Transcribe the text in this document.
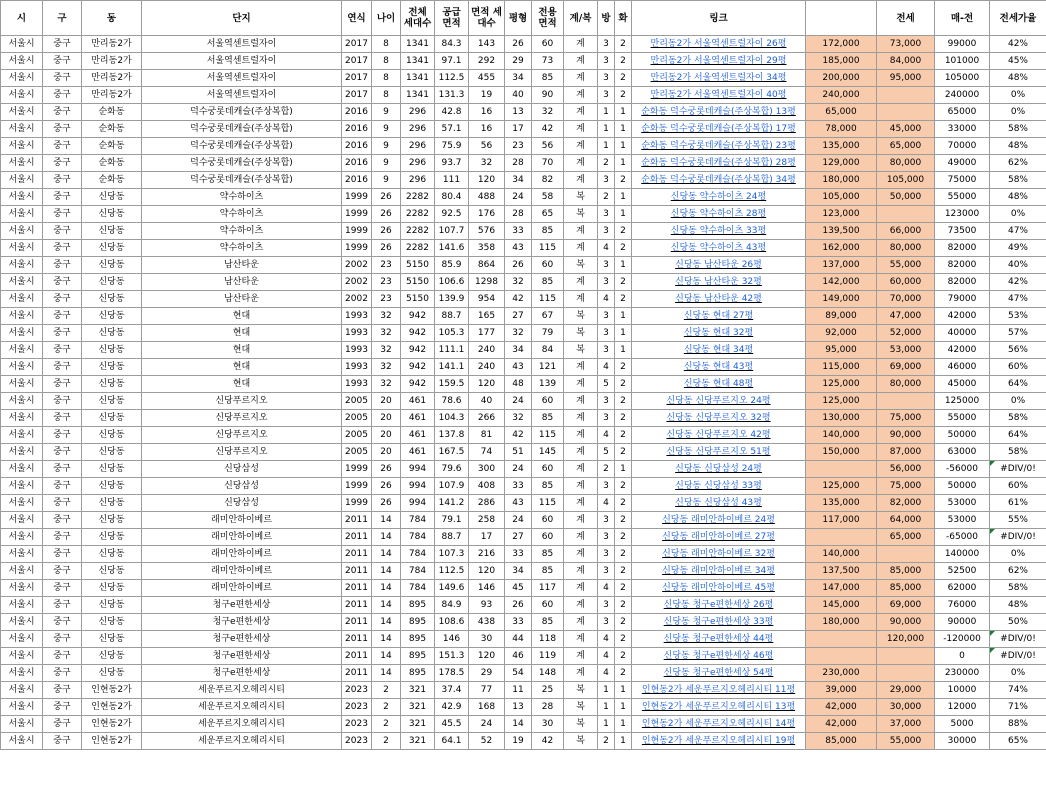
시	구	동	단지	연식	나이	전체 세대수	공급 면적	면적 세대수	평형	전용 면적	계/복	방	화	링크		전세	매-전	전세가율
서울시	중구	만리동2가	서울역센트럴자이	2017	8	1341	84.3	143	26	60	계	3	2	만리동2가 서울역센트럴자이 26평	172,000	73,000	99000	42%
서울시	중구	만리동2가	서울역센트럴자이	2017	8	1341	97.1	292	29	73	계	3	2	만리동2가 서울역센트럴자이 29평	185,000	84,000	101000	45%
서울시	중구	만리동2가	서울역센트럴자이	2017	8	1341	112.5	455	34	85	계	3	2	만리동2가 서울역센트럴자이 34평	200,000	95,000	105000	48%
서울시	중구	만리동2가	서울역센트럴자이	2017	8	1341	131.3	19	40	90	계	3	2	만리동2가 서울역센트럴자이 40평	240,000		240000	0%
서울시	중구	순화동	덕수궁롯데캐슬(주상복합)	2016	9	296	42.8	16	13	32	계	1	1	순화동 덕수궁롯데캐슬(주상복합) 13평	65,000		65000	0%
서울시	중구	순화동	덕수궁롯데캐슬(주상복합)	2016	9	296	57.1	16	17	42	계	1	1	순화동 덕수궁롯데캐슬(주상복합) 17평	78,000	45,000	33000	58%
서울시	중구	순화동	덕수궁롯데캐슬(주상복합)	2016	9	296	75.9	56	23	56	계	1	1	순화동 덕수궁롯데캐슬(주상복합) 23평	135,000	65,000	70000	48%
서울시	중구	순화동	덕수궁롯데캐슬(주상복합)	2016	9	296	93.7	32	28	70	계	2	1	순화동 덕수궁롯데캐슬(주상복합) 28평	129,000	80,000	49000	62%
서울시	중구	순화동	덕수궁롯데캐슬(주상복합)	2016	9	296	111	120	34	82	계	3	2	순화동 덕수궁롯데캐슬(주상복합) 34평	180,000	105,000	75000	58%
서울시	중구	신당동	약수하이츠	1999	26	2282	80.4	488	24	58	복	2	1	신당동 약수하이츠 24평	105,000	50,000	55000	48%
서울시	중구	신당동	약수하이츠	1999	26	2282	92.5	176	28	65	복	3	1	신당동 약수하이츠 28평	123,000		123000	0%
서울시	중구	신당동	약수하이츠	1999	26	2282	107.7	576	33	85	계	3	2	신당동 약수하이츠 33평	139,500	66,000	73500	47%
서울시	중구	신당동	약수하이츠	1999	26	2282	141.6	358	43	115	계	4	2	신당동 약수하이츠 43평	162,000	80,000	82000	49%
서울시	중구	신당동	남산타운	2002	23	5150	85.9	864	26	60	복	3	1	신당동 남산타운 26평	137,000	55,000	82000	40%
서울시	중구	신당동	남산타운	2002	23	5150	106.6	1298	32	85	계	3	2	신당동 남산타운 32평	142,000	60,000	82000	42%
서울시	중구	신당동	남산타운	2002	23	5150	139.9	954	42	115	계	4	2	신당동 남산타운 42평	149,000	70,000	79000	47%
서울시	중구	신당동	현대	1993	32	942	88.7	165	27	67	복	3	1	신당동 현대 27평	89,000	47,000	42000	53%
서울시	중구	신당동	현대	1993	32	942	105.3	177	32	79	복	3	1	신당동 현대 32평	92,000	52,000	40000	57%
서울시	중구	신당동	현대	1993	32	942	111.1	240	34	84	복	3	1	신당동 현대 34평	95,000	53,000	42000	56%
서울시	중구	신당동	현대	1993	32	942	141.1	240	43	121	계	4	2	신당동 현대 43평	115,000	69,000	46000	60%
서울시	중구	신당동	현대	1993	32	942	159.5	120	48	139	계	5	2	신당동 현대 48평	125,000	80,000	45000	64%
서울시	중구	신당동	신당푸르지오	2005	20	461	78.6	40	24	60	계	3	2	신당동 신당푸르지오 24평	125,000		125000	0%
서울시	중구	신당동	신당푸르지오	2005	20	461	104.3	266	32	85	계	3	2	신당동 신당푸르지오 32평	130,000	75,000	55000	58%
서울시	중구	신당동	신당푸르지오	2005	20	461	137.8	81	42	115	계	4	2	신당동 신당푸르지오 42평	140,000	90,000	50000	64%
서울시	중구	신당동	신당푸르지오	2005	20	461	167.5	74	51	145	계	5	2	신당동 신당푸르지오 51평	150,000	87,000	63000	58%
서울시	중구	신당동	신당삼성	1999	26	994	79.6	300	24	60	계	2	1	신당동 신당삼성 24평		56,000	-56000	#DIV/0!
서울시	중구	신당동	신당삼성	1999	26	994	107.9	408	33	85	계	3	2	신당동 신당삼성 33평	125,000	75,000	50000	60%
서울시	중구	신당동	신당삼성	1999	26	994	141.2	286	43	115	계	4	2	신당동 신당삼성 43평	135,000	82,000	53000	61%
서울시	중구	신당동	래미안하이베르	2011	14	784	79.1	258	24	60	계	3	2	신당동 래미안하이베르 24평	117,000	64,000	53000	55%
서울시	중구	신당동	래미안하이베르	2011	14	784	88.7	17	27	60	계	3	2	신당동 래미안하이베르 27평		65,000	-65000	#DIV/0!
서울시	중구	신당동	래미안하이베르	2011	14	784	107.3	216	33	85	계	3	2	신당동 래미안하이베르 32평	140,000		140000	0%
서울시	중구	신당동	래미안하이베르	2011	14	784	112.5	120	34	85	계	3	2	신당동 래미안하이베르 34평	137,500	85,000	52500	62%
서울시	중구	신당동	래미안하이베르	2011	14	784	149.6	146	45	117	계	4	2	신당동 래미안하이베르 45평	147,000	85,000	62000	58%
서울시	중구	신당동	청구e편한세상	2011	14	895	84.9	93	26	60	계	3	2	신당동 청구e편한세상 26평	145,000	69,000	76000	48%
서울시	중구	신당동	청구e편한세상	2011	14	895	108.6	438	33	85	계	3	2	신당동 청구e편한세상 33평	180,000	90,000	90000	50%
서울시	중구	신당동	청구e편한세상	2011	14	895	146	30	44	118	계	4	2	신당동 청구e편한세상 44평		120,000	-120000	#DIV/0!
서울시	중구	신당동	청구e편한세상	2011	14	895	151.3	120	46	119	계	4	2	신당동 청구e편한세상 46평			0	#DIV/0!
서울시	중구	신당동	청구e편한세상	2011	14	895	178.5	29	54	148	계	4	2	신당동 청구e편한세상 54평	230,000		230000	0%
서울시	중구	인현동2가	세운푸르지오헤리시티	2023	2	321	37.4	77	11	25	복	1	1	인현동2가 세운푸르지오헤리시티 11평	39,000	29,000	10000	74%
서울시	중구	인현동2가	세운푸르지오헤리시티	2023	2	321	42.9	168	13	28	복	1	1	인현동2가 세운푸르지오헤리시티 13평	42,000	30,000	12000	71%
서울시	중구	인현동2가	세운푸르지오헤리시티	2023	2	321	45.5	24	14	30	복	1	1	인현동2가 세운푸르지오헤리시티 14평	42,000	37,000	5000	88%
서울시	중구	인현동2가	세운푸르지오헤리시티	2023	2	321	64.1	52	19	42	복	2	1	인현동2가 세운푸르지오헤리시티 19평	85,000	55,000	30000	65%
